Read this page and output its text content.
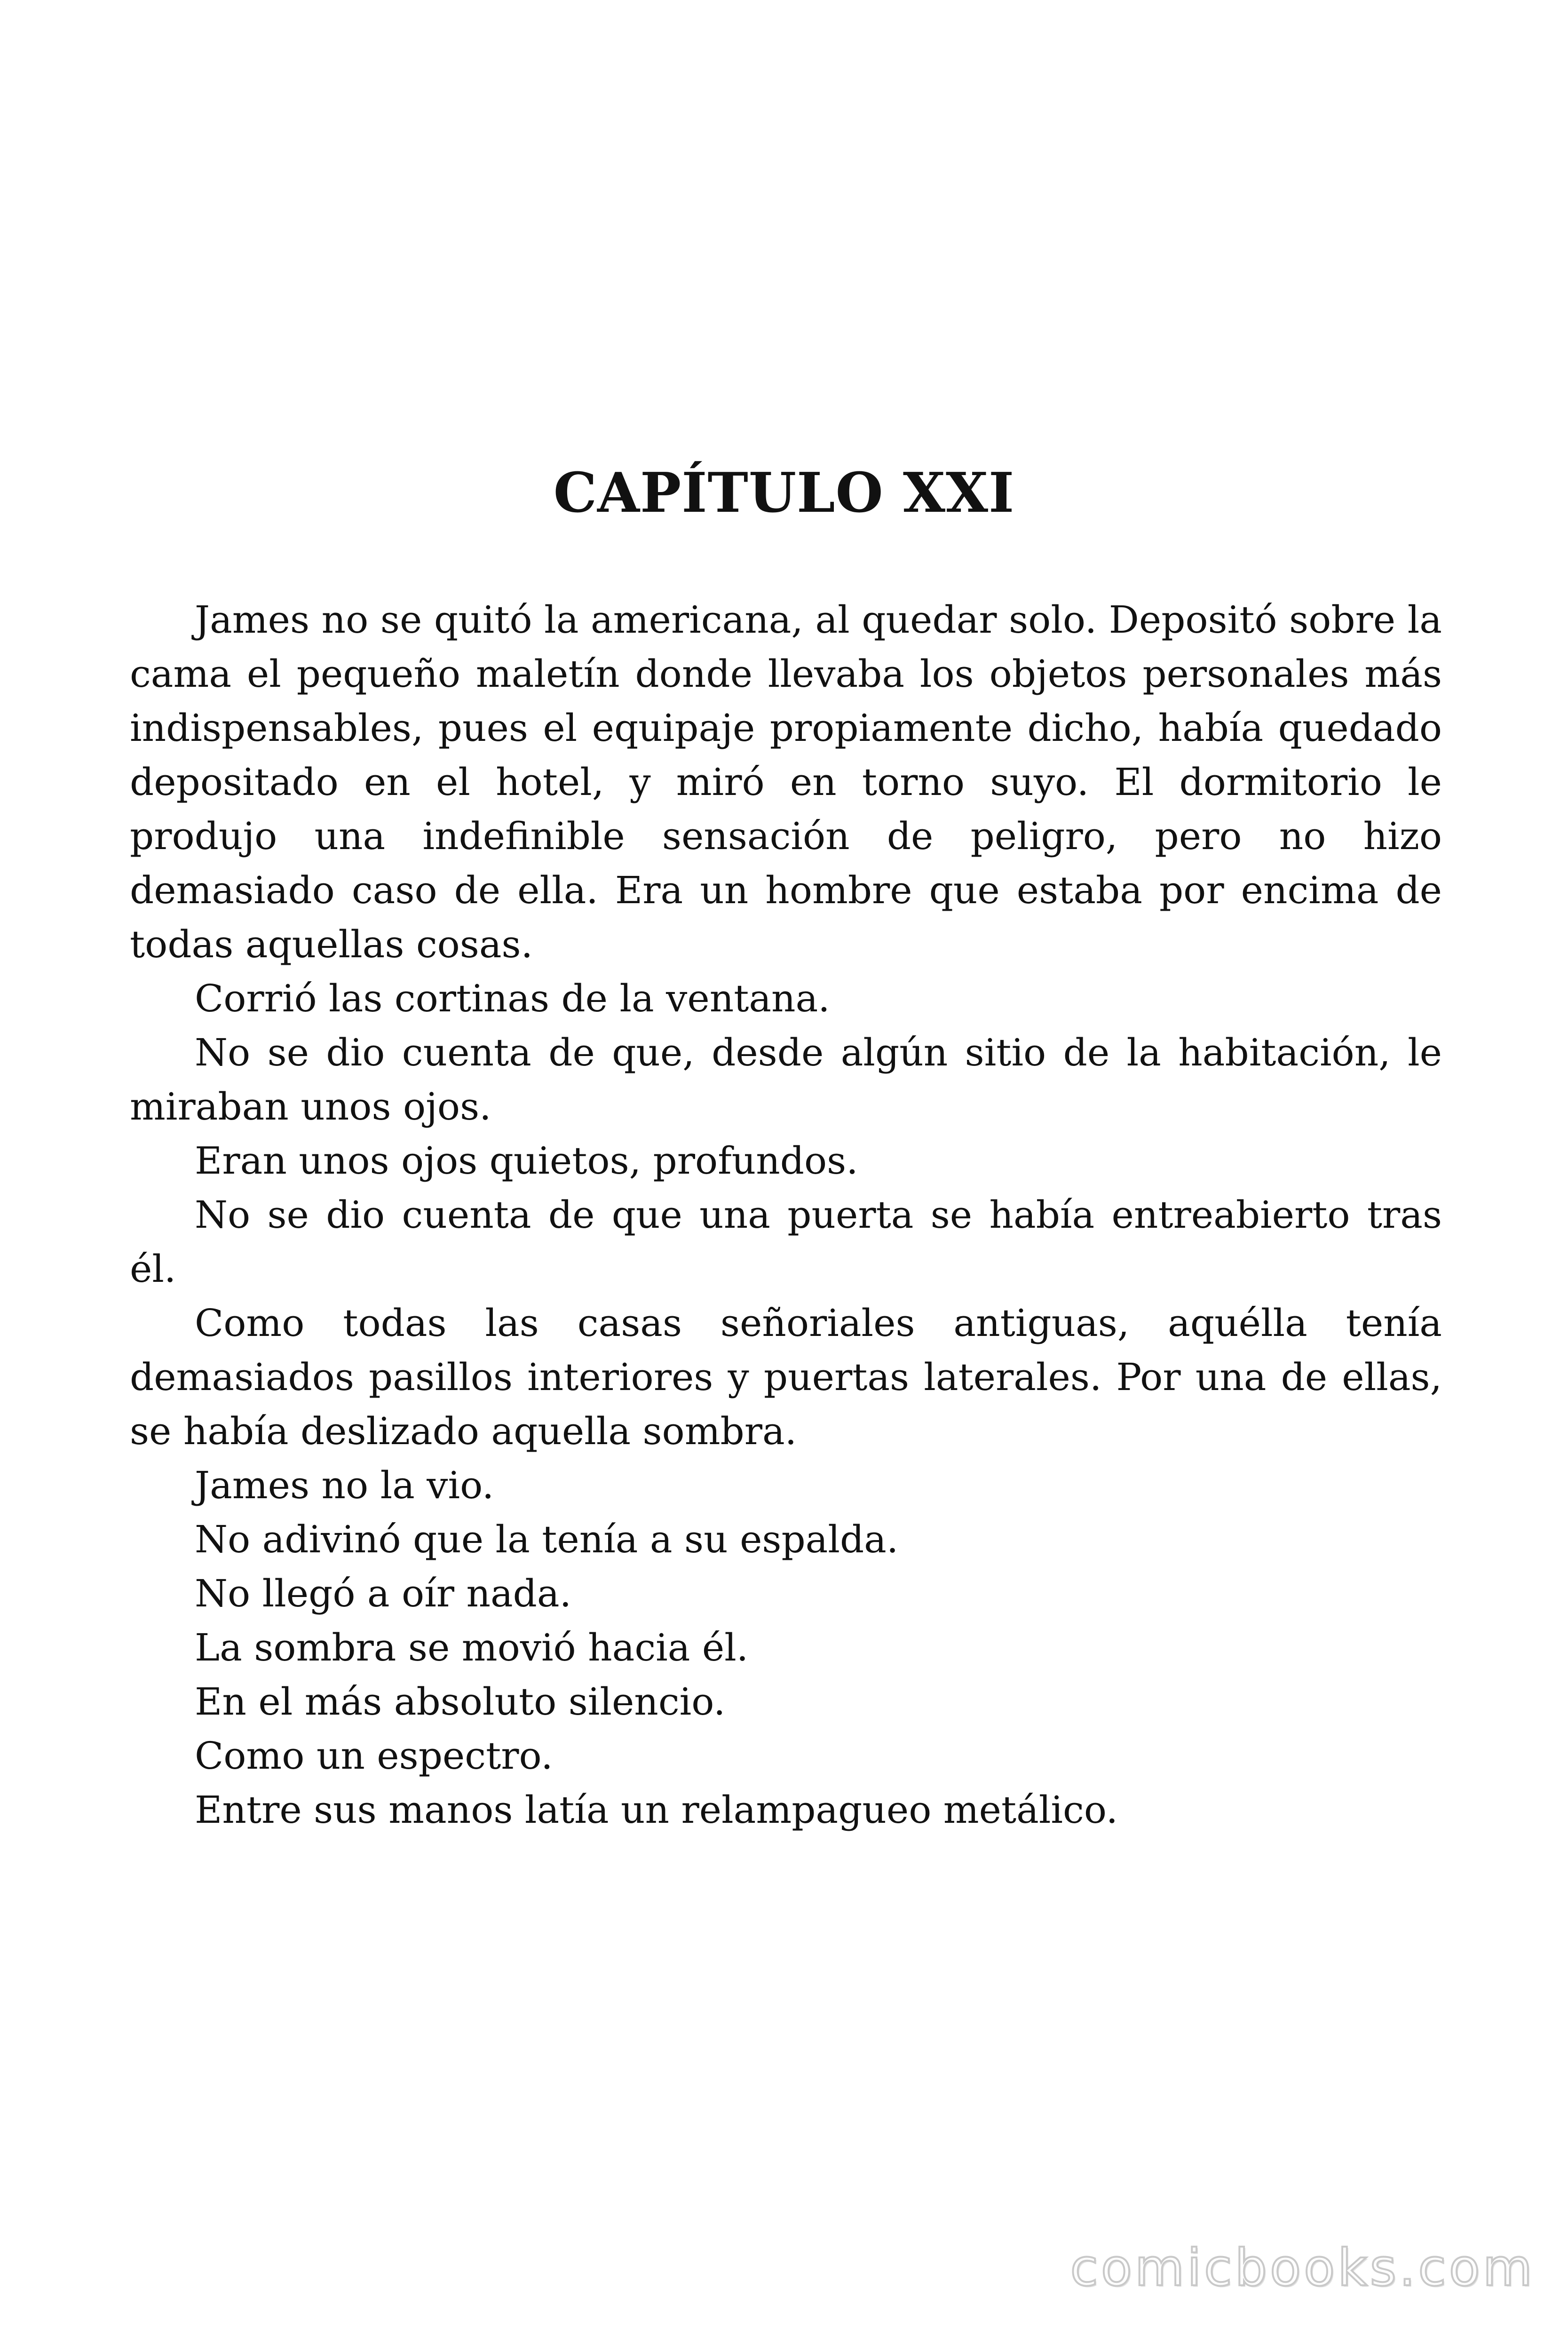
CAPÍTULO XXI

James no se quitó la americana, al quedar solo. Depositó sobre la cama el pequeño maletín donde llevaba los objetos personales más indispensables, pues el equipaje propiamente dicho, había quedado depositado en el hotel, y miró en torno suyo. El dormitorio le produjo una indefinible sensación de peligro, pero no hizo demasiado caso de ella. Era un hombre que estaba por encima de todas aquellas cosas.

Corrió las cortinas de la ventana.

No se dio cuenta de que, desde algún sitio de la habitación, le miraban unos ojos.

Eran unos ojos quietos, profundos.

No se dio cuenta de que una puerta se había entreabierto tras él.

Como todas las casas señoriales antiguas, aquélla tenía demasiados pasillos interiores y puertas laterales. Por una de ellas, se había deslizado aquella sombra.

James no la vio.

No adivinó que la tenía a su espalda.

No llegó a oír nada.

La sombra se movió hacia él.

En el más absoluto silencio.

Como un espectro.

Entre sus manos latía un relampagueo metálico.

comicbooks.com
